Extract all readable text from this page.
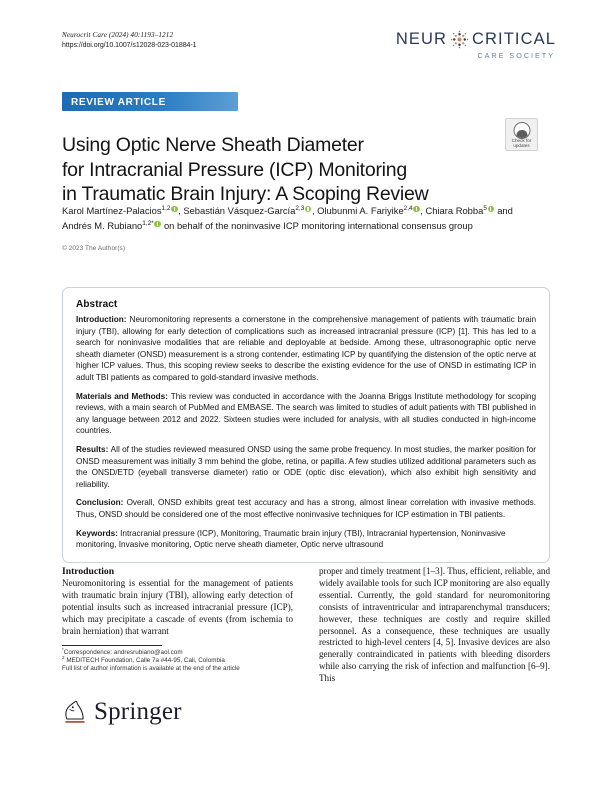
Neurocrit Care (2024) 40:1193–1212
https://doi.org/10.1007/s12028-023-01884-1	NEUR CRITICAL
CARE SOCIETY
REVIEW ARTICLE
Using Optic Nerve Sheath Diameter
for Intracranial Pressure (ICP) Monitoring
in Traumatic Brain Injury: A Scoping Review
Check for
updates
Karol Martínez-Palacios$^{1,2}$ , Sebastián Vásquez-García$^{2,3}$ , Olubunmi A. Fariyike$^{2,4}$ , Chiara Robba$^5$ and Andrés M. Rubiano$^{1,2*}$ on behalf of the noninvasive ICP monitoring international consensus group
© 2023 The Author(s)
Abstract

Introduction: Neuromonitoring represents a cornerstone in the comprehensive management of patients with traumatic brain injury (TBI), allowing for early detection of complications such as increased intracranial pressure (ICP) [1]. This has led to a search for noninvasive modalities that are reliable and deployable at bedside. Among these, ultrasonographic optic nerve sheath diameter (ONSD) measurement is a strong contender, estimating ICP by quantifying the distension of the optic nerve at higher ICP values. Thus, this scoping review seeks to describe the existing evidence for the use of ONSD in estimating ICP in adult TBI patients as compared to gold-standard invasive methods.

Materials and Methods: This review was conducted in accordance with the Joanna Briggs Institute methodology for scoping reviews, with a main search of PubMed and EMBASE. The search was limited to studies of adult patients with TBI published in any language between 2012 and 2022. Sixteen studies were included for analysis, with all studies conducted in high-income countries.

Results: All of the studies reviewed measured ONSD using the same probe frequency. In most studies, the marker position for ONSD measurement was initially 3 mm behind the globe, retina, or papilla. A few studies utilized additional parameters such as the ONSD/ETD (eyeball transverse diameter) ratio or ODE (optic disc elevation), which also exhibit high sensitivity and reliability.

Conclusion: Overall, ONSD exhibits great test accuracy and has a strong, almost linear correlation with invasive methods. Thus, ONSD should be considered one of the most effective noninvasive techniques for ICP estimation in TBI patients.

Keywords: Intracranial pressure (ICP), Monitoring, Traumatic brain injury (TBI), Intracranial hypertension, Noninvasive monitoring, Invasive monitoring, Optic nerve sheath diameter, Optic nerve ultrasound

Introduction

Neuromonitoring is essential for the management of patients with traumatic brain injury (TBI), allowing early detection of potential insults such as increased intracranial pressure (ICP), which may precipitate a cascade of events (from ischemia to brain herniation) that warrant

proper and timely treatment [1–3]. Thus, efficient, reliable, and widely available tools for such ICP monitoring are also equally essential. Currently, the gold standard for neuromonitoring consists of intraventricular and intraparenchymal transducers; however, these techniques are costly and require skilled personnel. As a consequence, these techniques are usually restricted to high-level centers [4, 5]. Invasive devices are also generally contraindicated in patients with bleeding disorders while also carrying the risk of infection and malfunction [6–9]. This

*Correspondence: andresrubiano@aol.com
$^2$ MEDITECH Foundation, Calle 7a #44-95, Cali, Colombia
Full list of author information is available at the end of the article
Springer
